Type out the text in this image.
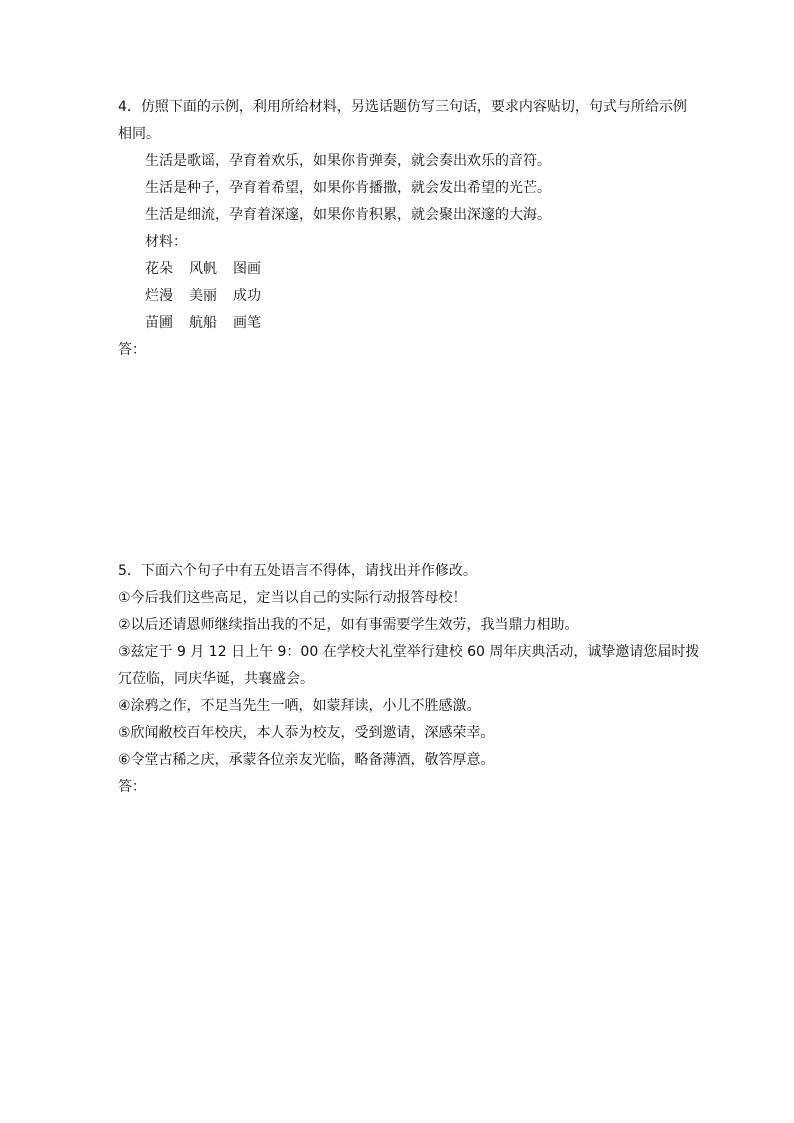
4．仿照下面的示例，利用所给材料，另选话题仿写三句话，要求内容贴切，句式与所给示例
相同。
生活是歌谣，孕育着欢乐，如果你肯弹奏，就会奏出欢乐的音符。
生活是种子，孕育着希望，如果你肯播撒，就会发出希望的光芒。
生活是细流，孕育着深邃，如果你肯积累，就会聚出深邃的大海。
材料：
花朵 风帆 图画
烂漫 美丽 成功
苗圃 航船 画笔
答：
5．下面六个句子中有五处语言不得体，请找出并作修改。
①今后我们这些高足，定当以自己的实际行动报答母校！
②以后还请恩师继续指出我的不足，如有事需要学生效劳，我当鼎力相助。
③兹定于 9 月 12 日上午 9：00 在学校大礼堂举行建校 60 周年庆典活动，诚挚邀请您届时拨
冗莅临，同庆华诞，共襄盛会。
④涂鸦之作，不足当先生一哂，如蒙拜读，小儿不胜感激。
⑤欣闻敝校百年校庆，本人忝为校友，受到邀请，深感荣幸。
⑥令堂古稀之庆，承蒙各位亲友光临，略备薄酒，敬答厚意。
答：
